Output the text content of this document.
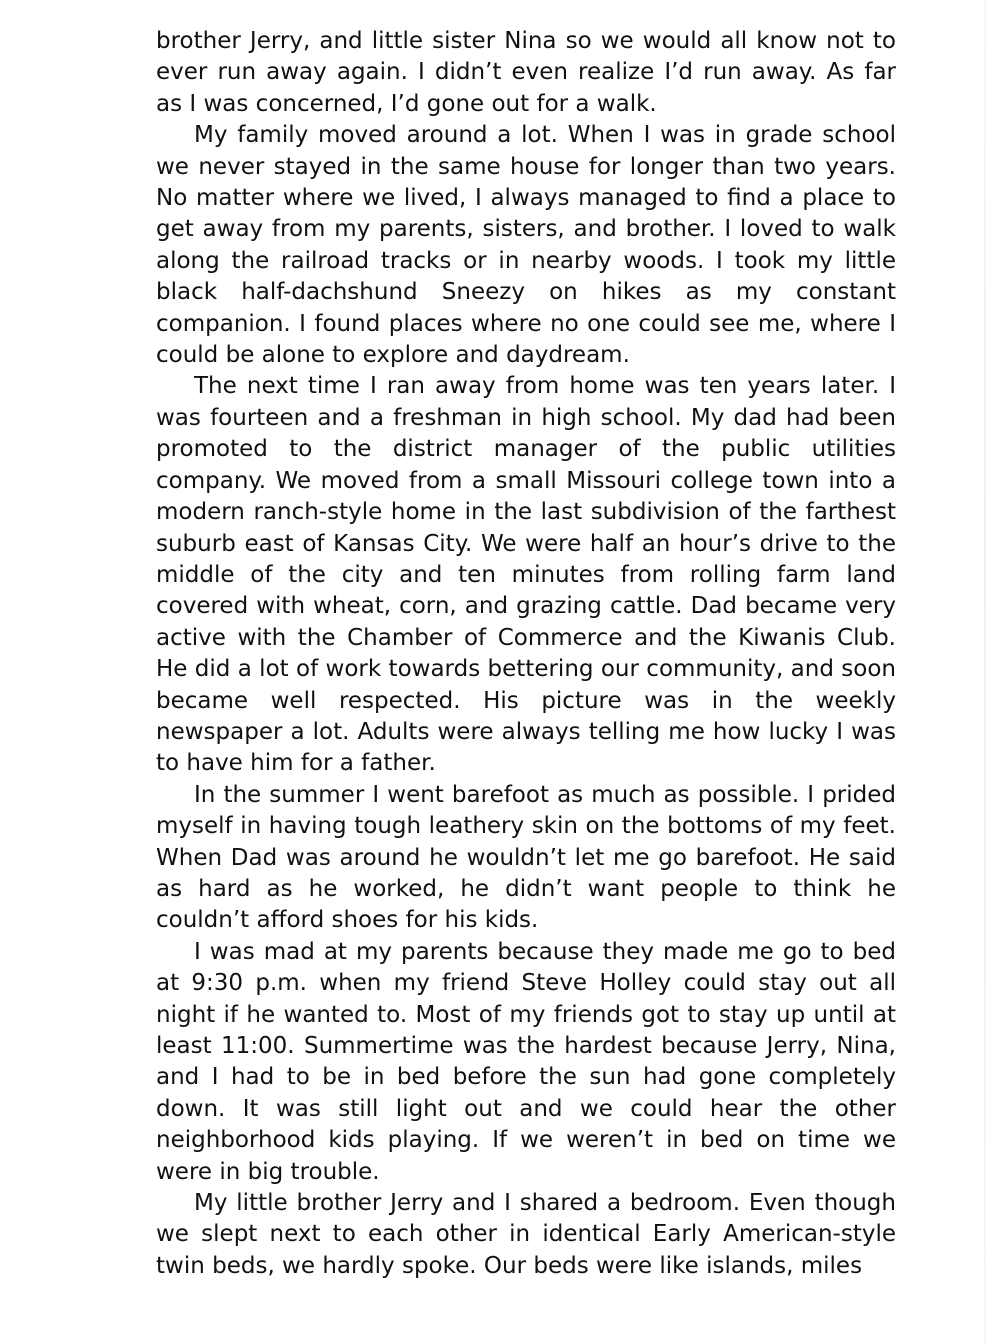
brother Jerry, and little sister Nina so we would all know not to ever run away again. I didn’t even realize I’d run away. As far as I was concerned, I’d gone out for a walk.

My family moved around a lot. When I was in grade school we never stayed in the same house for longer than two years. No matter where we lived, I always managed to find a place to get away from my parents, sisters, and brother. I loved to walk along the railroad tracks or in nearby woods. I took my little black half-dachshund Sneezy on hikes as my constant companion. I found places where no one could see me, where I could be alone to explore and daydream.

The next time I ran away from home was ten years later. I was fourteen and a freshman in high school. My dad had been promoted to the district manager of the public utilities company. We moved from a small Missouri college town into a modern ranch-style home in the last subdivision of the farthest suburb east of Kansas City. We were half an hour’s drive to the middle of the city and ten minutes from rolling farm land covered with wheat, corn, and grazing cattle. Dad became very active with the Chamber of Commerce and the Kiwanis Club. He did a lot of work towards bettering our community, and soon became well respected. His picture was in the weekly newspaper a lot. Adults were always telling me how lucky I was to have him for a father.

In the summer I went barefoot as much as possible. I prided myself in having tough leathery skin on the bottoms of my feet. When Dad was around he wouldn’t let me go barefoot. He said as hard as he worked, he didn’t want people to think he couldn’t afford shoes for his kids.

I was mad at my parents because they made me go to bed at 9:30 p.m. when my friend Steve Holley could stay out all night if he wanted to. Most of my friends got to stay up until at least 11:00. Summertime was the hardest because Jerry, Nina, and I had to be in bed before the sun had gone completely down. It was still light out and we could hear the other neighborhood kids playing. If we weren’t in bed on time we were in big trouble.

My little brother Jerry and I shared a bedroom. Even though we slept next to each other in identical Early American-style twin beds, we hardly spoke. Our beds were like islands, miles
